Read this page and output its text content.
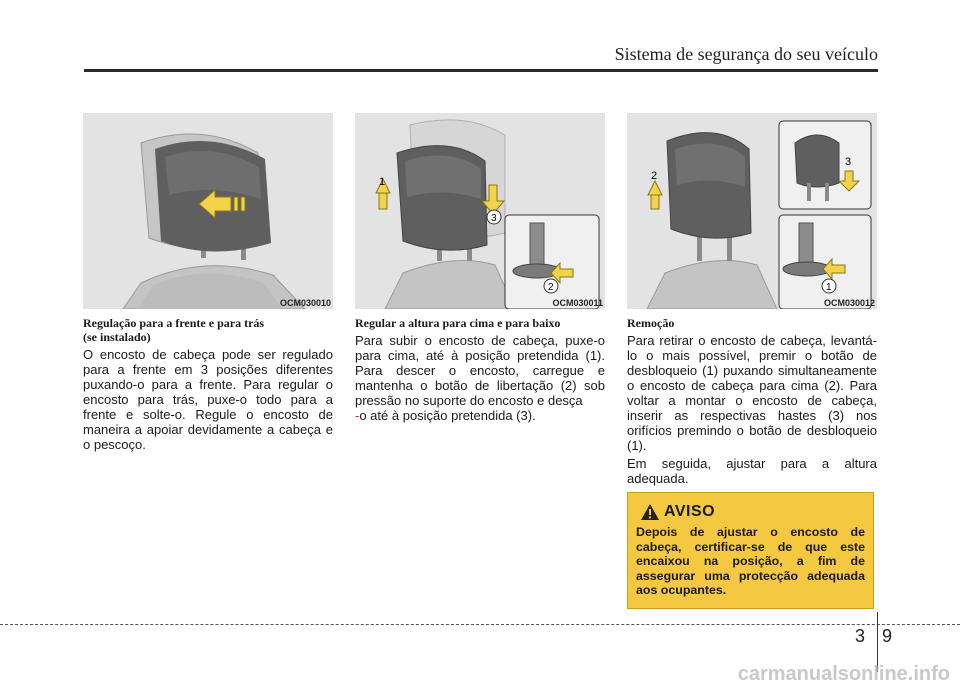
Sistema de segurança do seu veículo
OCM030010
Regulação para a frente e para trás
(se instalado)

O encosto de cabeça pode ser regulado para a frente em 3 posições diferentes puxando-o para a frente. Para regular o encosto para trás, puxe-o todo para a frente e solte-o. Regule o encosto de maneira a apoiar devidamente a cabeça e o pescoço.

1
3
2
OCM030011
Regular a altura para cima e para baixo

Para subir o encosto de cabeça, puxe-o para cima, até à posição pretendida (1). Para descer o encosto, carregue e mantenha o botão de libertação (2) sob pressão no suporte do encosto e desça
-o até à posição pretendida (3).

2
3
1
OCM030012
Remoção

Para retirar o encosto de cabeça, levantá-lo o mais possível, premir o botão de desbloqueio (1) puxando simultaneamente o encosto de cabeça para cima (2). Para voltar a montar o encosto de cabeça, inserir as respectivas hastes (3) nos orifícios premindo o botão de desbloqueio (1).

Em seguida, ajustar para a altura adequada.

AVISO
Depois de ajustar o encosto de cabeça, certificar-se de que este encaixou na posição, a fim de assegurar uma protecção adequada aos ocupantes.
3 9
carmanualsonline.info
